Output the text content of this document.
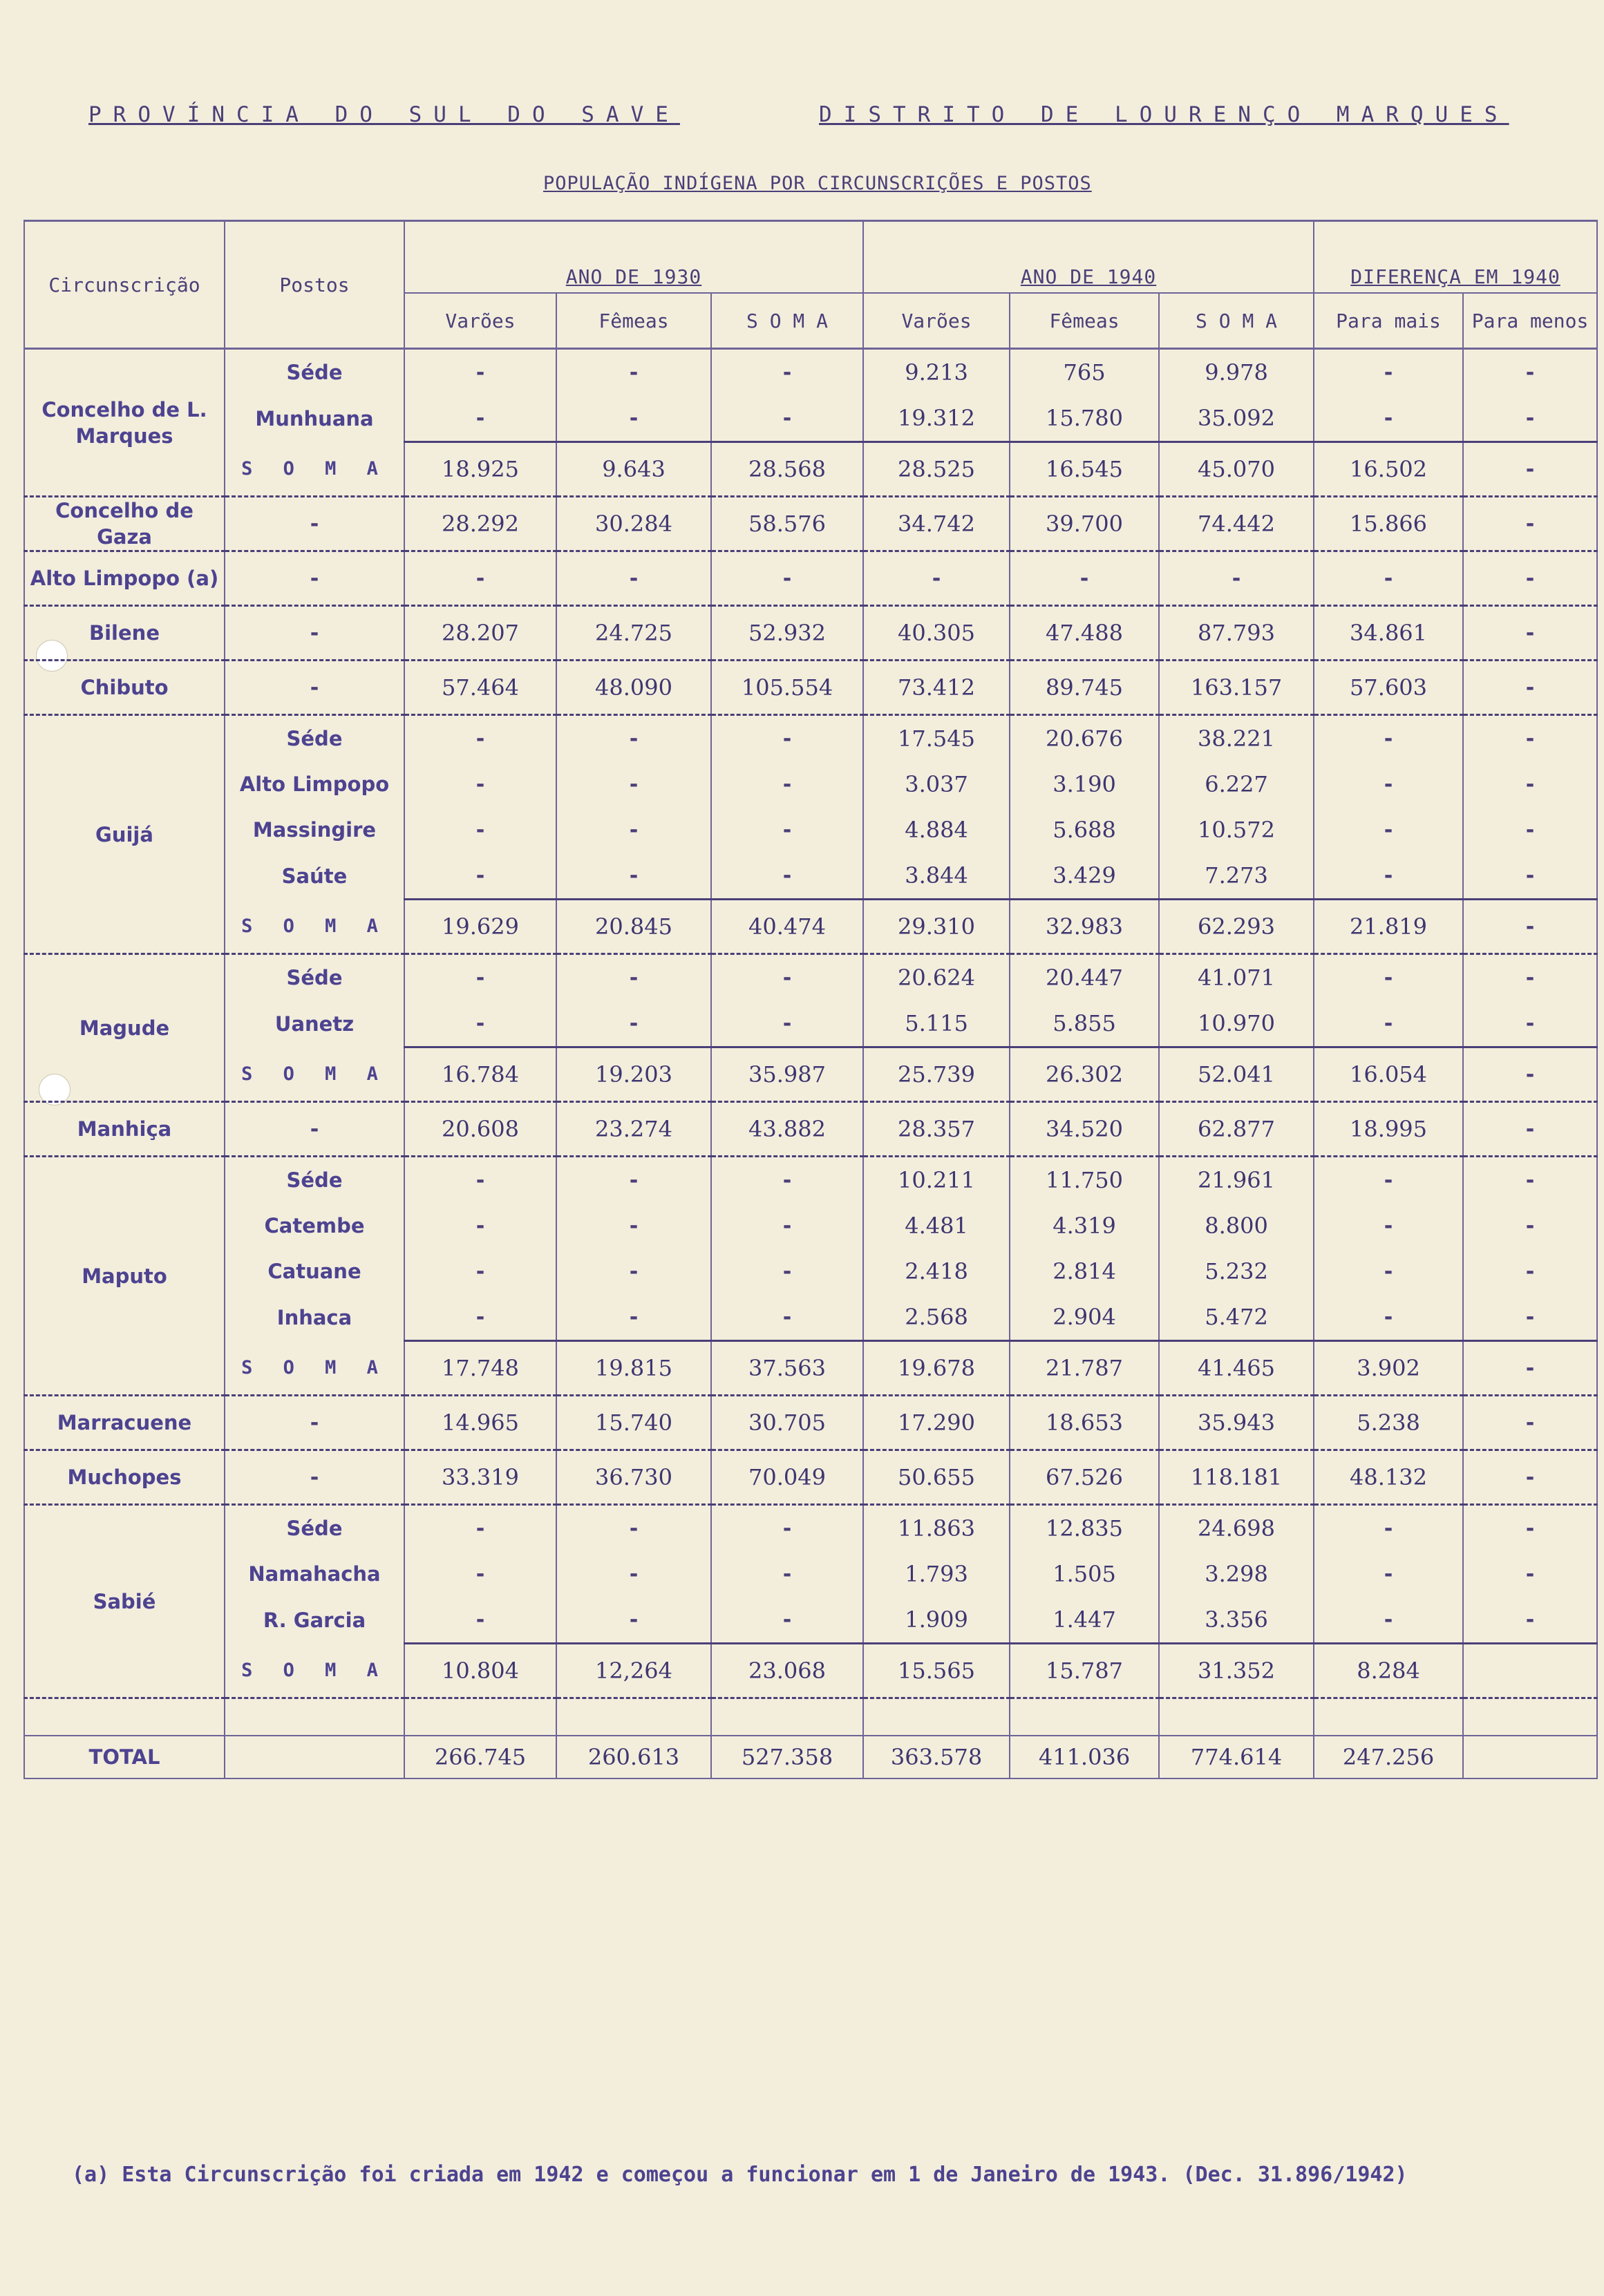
PROVÍNCIA DO SUL DO SAVE	DISTRITO DE LOURENÇO MARQUES
POPULAÇÃO INDÍGENA POR CIRCUNSCRIÇÕES E POSTOS
Circunscrição	Postos	ANO DE 1930			ANO DE 1940			DIFERENÇA EM 1940	
		Varões	Fêmeas	S O M A	Varões	Fêmeas	S O M A	Para mais	Para menos
Concelho de L. Marques	Séde	-	-	-	9.213	765	9.978	-	-
	Munhuana	-	-	-	19.312	15.780	35.092	-	-
	S O M A	18.925	9.643	28.568	28.525	16.545	45.070	16.502	-
Concelho de Gaza	-	28.292	30.284	58.576	34.742	39.700	74.442	15.866	-
Alto Limpopo (a)	-	-	-	-	-	-	-	-	-
Bilene	-	28.207	24.725	52.932	40.305	47.488	87.793	34.861	-
Chibuto	-	57.464	48.090	105.554	73.412	89.745	163.157	57.603	-
Guijá	Séde	-	-	-	17.545	20.676	38.221	-	-
	Alto Limpopo	-	-	-	3.037	3.190	6.227	-	-
	Massingire	-	-	-	4.884	5.688	10.572	-	-
	Saúte	-	-	-	3.844	3.429	7.273	-	-
	S O M A	19.629	20.845	40.474	29.310	32.983	62.293	21.819	-
Magude	Séde	-	-	-	20.624	20.447	41.071	-	-
	Uanetz	-	-	-	5.115	5.855	10.970	-	-
	S O M A	16.784	19.203	35.987	25.739	26.302	52.041	16.054	-
Manhiça	-	20.608	23.274	43.882	28.357	34.520	62.877	18.995	-
Maputo	Séde	-	-	-	10.211	11.750	21.961	-	-
	Catembe	-	-	-	4.481	4.319	8.800	-	-
	Catuane	-	-	-	2.418	2.814	5.232	-	-
	Inhaca	-	-	-	2.568	2.904	5.472	-	-
	S O M A	17.748	19.815	37.563	19.678	21.787	41.465	3.902	-
Marracuene	-	14.965	15.740	30.705	17.290	18.653	35.943	5.238	-
Muchopes	-	33.319	36.730	70.049	50.655	67.526	118.181	48.132	-
Sabié	Séde	-	-	-	11.863	12.835	24.698	-	-
	Namahacha	-	-	-	1.793	1.505	3.298	-	-
	R. Garcia	-	-	-	1.909	1.447	3.356	-	-
	S O M A	10.804	12,264	23.068	15.565	15.787	31.352	8.284	

TOTAL		266.745	260.613	527.358	363.578	411.036	774.614	247.256	
(a) Esta Circunscrição foi criada em 1942 e começou a funcionar em 1 de Janeiro de 1943. (Dec. 31.896/1942)
